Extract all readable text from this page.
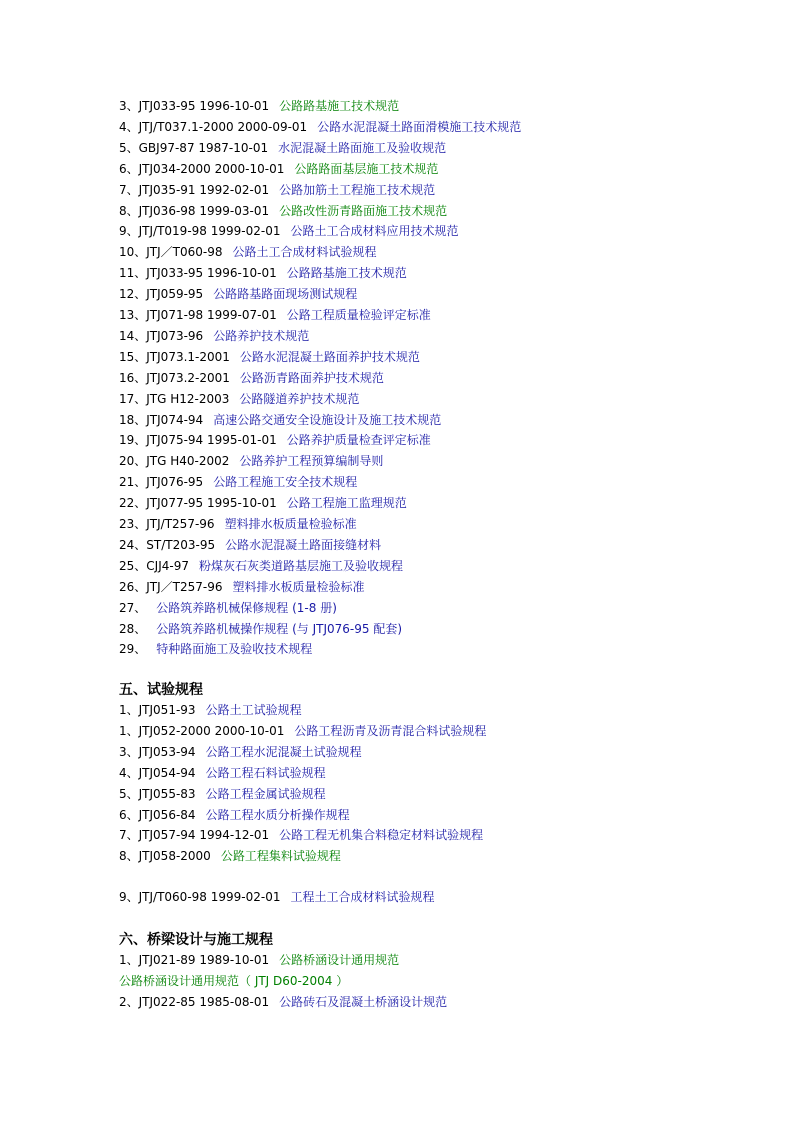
3、JTJ033-95 1996-10-01 公路路基施工技术规范
4、JTJ/T037.1-2000 2000-09-01 公路水泥混凝土路面滑模施工技术规范
5、GBJ97-87 1987-10-01 水泥混凝土路面施工及验收规范
6、JTJ034-2000 2000-10-01 公路路面基层施工技术规范
7、JTJ035-91 1992-02-01 公路加筋土工程施工技术规范
8、JTJ036-98 1999-03-01 公路改性沥青路面施工技术规范
9、JTJ/T019-98 1999-02-01 公路土工合成材料应用技术规范
10、JTJ／T060-98 公路土工合成材料试验规程
11、JTJ033-95 1996-10-01 公路路基施工技术规范
12、JTJ059-95 公路路基路面现场测试规程
13、JTJ071-98 1999-07-01 公路工程质量检验评定标准
14、JTJ073-96 公路养护技术规范
15、JTJ073.1-2001 公路水泥混凝土路面养护技术规范
16、JTJ073.2-2001 公路沥青路面养护技术规范
17、JTG H12-2003 公路隧道养护技术规范
18、JTJ074-94 高速公路交通安全设施设计及施工技术规范
19、JTJ075-94 1995-01-01 公路养护质量检查评定标准
20、JTG H40-2002 公路养护工程预算编制导则
21、JTJ076-95 公路工程施工安全技术规程
22、JTJ077-95 1995-10-01 公路工程施工监理规范
23、JTJ/T257-96 塑料排水板质量检验标准
24、ST/T203-95 公路水泥混凝土路面接缝材料
25、CJJ4-97 粉煤灰石灰类道路基层施工及验收规程
26、JTJ／T257-96 塑料排水板质量检验标准
27、 公路筑养路机械保修规程 (1-8 册)
28、 公路筑养路机械操作规程 (与 JTJ076-95 配套)
29、 特种路面施工及验收技术规程
五、试验规程
1、JTJ051-93 公路土工试验规程
1、JTJ052-2000 2000-10-01 公路工程沥青及沥青混合料试验规程
3、JTJ053-94 公路工程水泥混凝土试验规程
4、JTJ054-94 公路工程石料试验规程
5、JTJ055-83 公路工程金属试验规程
6、JTJ056-84 公路工程水质分析操作规程
7、JTJ057-94 1994-12-01 公路工程无机集合料稳定材料试验规程
8、JTJ058-2000 公路工程集料试验规程
9、JTJ/T060-98 1999-02-01 工程土工合成材料试验规程
六、桥梁设计与施工规程
1、JTJ021-89 1989-10-01 公路桥涵设计通用规范
公路桥涵设计通用规范（ JTJ D60-2004 ）
2、JTJ022-85 1985-08-01 公路砖石及混凝土桥涵设计规范
